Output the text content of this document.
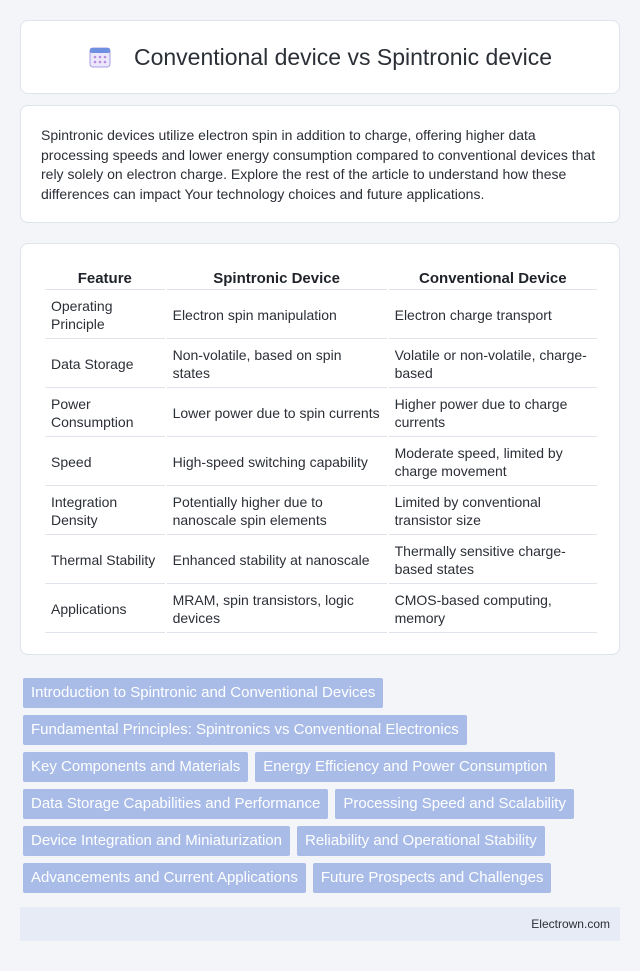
Conventional device vs Spintronic device

Spintronic devices utilize electron spin in addition to charge, offering higher data processing speeds and lower energy consumption compared to conventional devices that rely solely on electron charge. Explore the rest of the article to understand how these differences can impact Your technology choices and future applications.

Feature	Spintronic Device	Conventional Device
Operating Principle	Electron spin manipulation	Electron charge transport
Data Storage	Non-volatile, based on spin states	Volatile or non-volatile, charge-based
Power Consumption	Lower power due to spin currents	Higher power due to charge currents
Speed	High-speed switching capability	Moderate speed, limited by charge movement
Integration Density	Potentially higher due to nanoscale spin elements	Limited by conventional transistor size
Thermal Stability	Enhanced stability at nanoscale	Thermally sensitive charge-based states
Applications	MRAM, spin transistors, logic devices	CMOS-based computing, memory
Introduction to Spintronic and Conventional Devices
Fundamental Principles: Spintronics vs Conventional Electronics
Key Components and Materials	Energy Efficiency and Power Consumption
Data Storage Capabilities and Performance	Processing Speed and Scalability
Device Integration and Miniaturization	Reliability and Operational Stability
Advancements and Current Applications	Future Prospects and Challenges
Electrown.com
